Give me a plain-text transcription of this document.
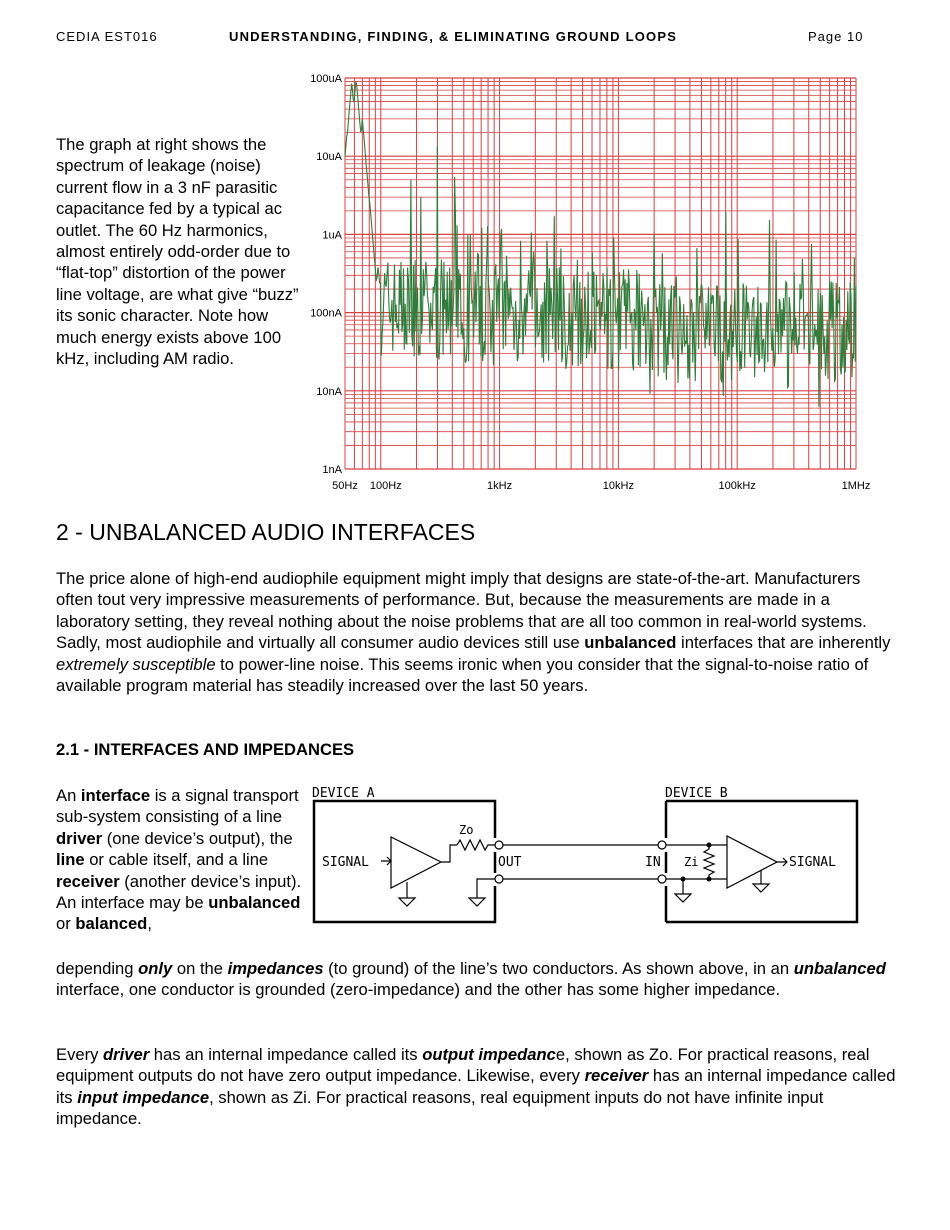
CEDIA EST016	UNDERSTANDING, FINDING, & ELIMINATING GROUND LOOPS	Page 10

The graph at right shows the spectrum of leakage (noise) current flow in a 3 nF parasitic capacitance fed by a typical ac outlet. The 60 Hz harmonics, almost entirely odd-order due to “flat-top” distortion of the power line voltage, are what give “buzz” its sonic character. Note how much energy exists above 100 kHz, including AM radio.

100uA
10uA
1uA
100nA
10nA
1nA
50Hz 100Hz	1kHz	10kHz	100kHz	1MHz
2 - UNBALANCED AUDIO INTERFACES

The price alone of high-end audiophile equipment might imply that designs are state-of-the-art. Manufacturers often tout very impressive measurements of performance. But, because the measurements are made in a laboratory setting, they reveal nothing about the noise problems that are all too common in real-world systems. Sadly, most audiophile and virtually all consumer audio devices still use unbalanced interfaces that are inherently extremely susceptible to power-line noise. This seems ironic when you consider that the signal-to-noise ratio of available program material has steadily increased over the last 50 years.

2.1 - INTERFACES AND IMPEDANCES

An interface is a signal transport sub-system consisting of a line driver (one device’s output), the line or cable itself, and a line receiver (another device’s input). An interface may be unbalanced or balanced,

depending only on the impedances (to ground) of the line’s two conductors. As shown above, in an unbalanced interface, one conductor is grounded (zero-impedance) and the other has some higher impedance.

Every driver has an internal impedance called its output impedance, shown as Zo. For practical reasons, real equipment outputs do not have zero output impedance. Likewise, every receiver has an internal impedance called its input impedance, shown as Zi. For practical reasons, real equipment inputs do not have infinite input impedance.

DEVICE A	DEVICE B
SIGNAL
Zo
OUT	IN Zi	SIGNAL
